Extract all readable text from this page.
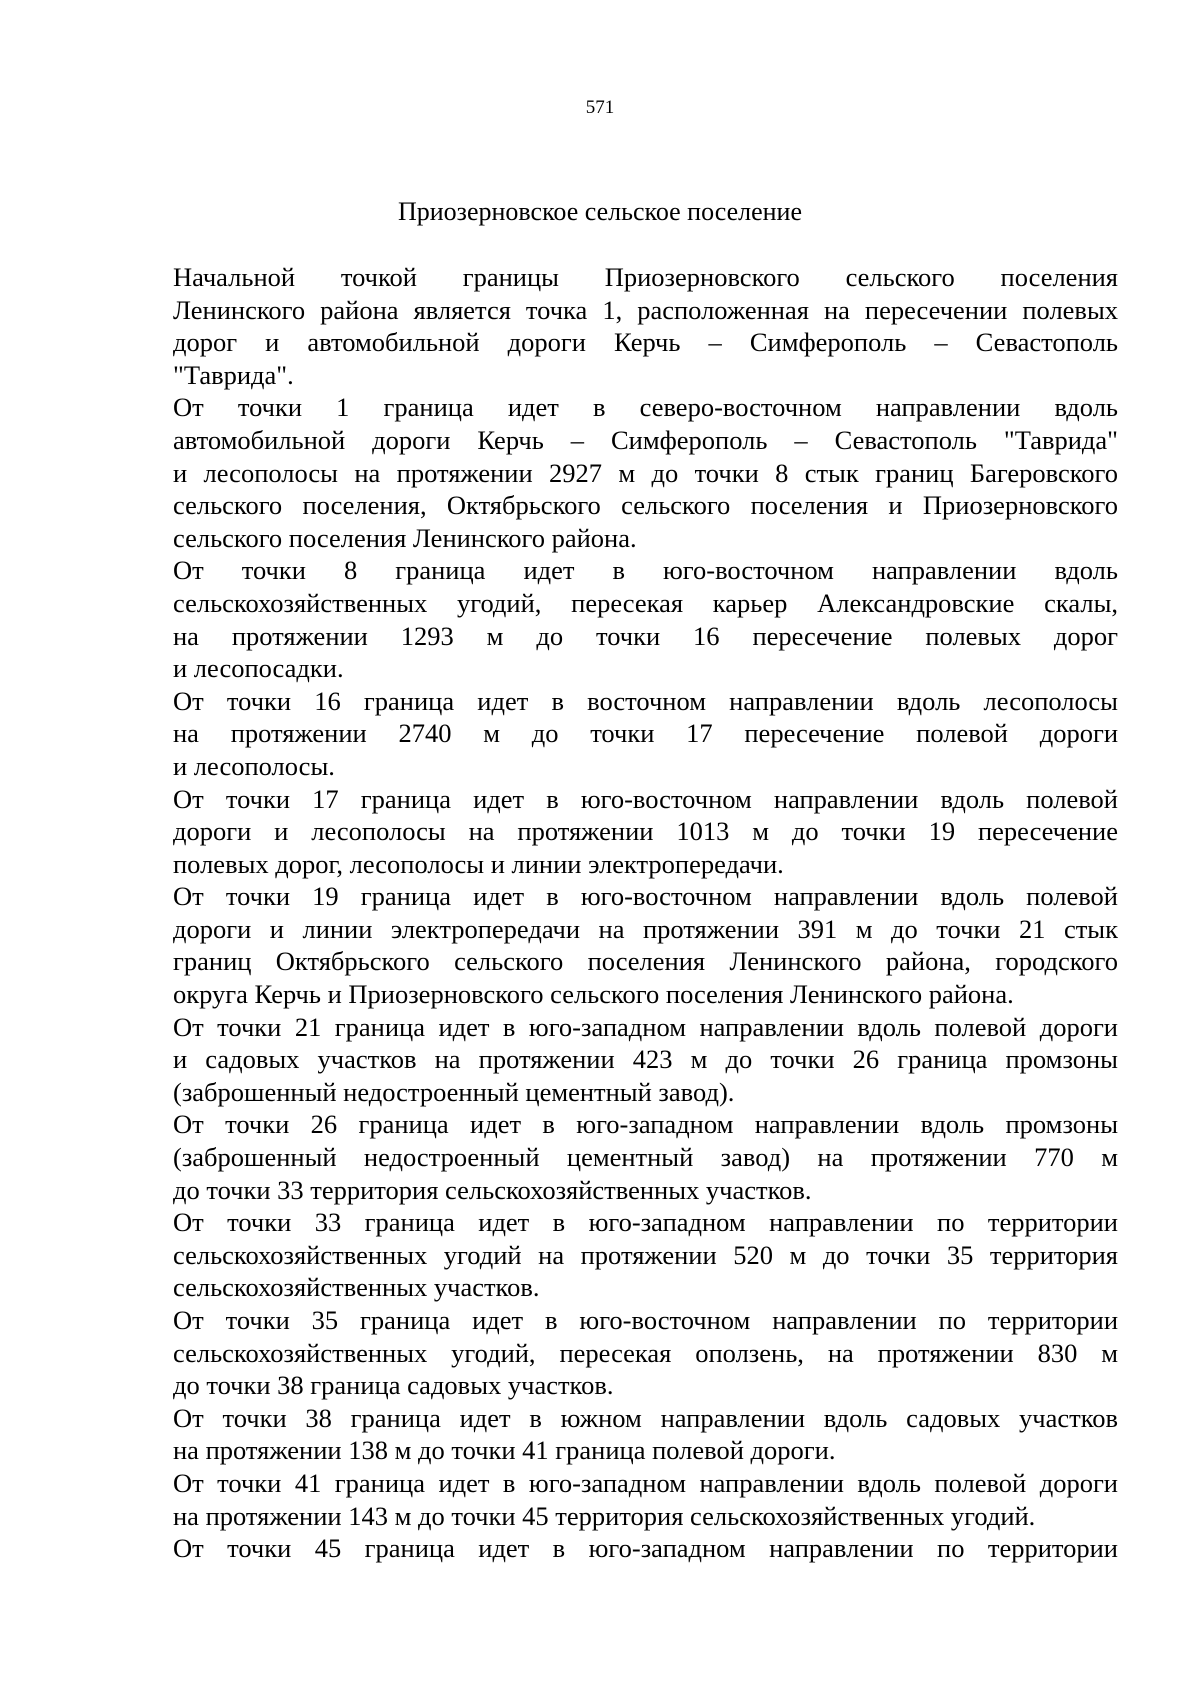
571
Приозерновское сельское поселение
Начальной точкой границы Приозерновского сельского поселения
Ленинского района является точка 1, расположенная на пересечении полевых
дорог и автомобильной дороги Керчь – Симферополь – Севастополь
"Таврида".
От точки 1 граница идет в северо-восточном направлении вдоль
автомобильной дороги Керчь – Симферополь – Севастополь "Таврида"
и лесополосы на протяжении 2927 м до точки 8 стык границ Багеровского
сельского поселения, Октябрьского сельского поселения и Приозерновского
сельского поселения Ленинского района.
От точки 8 граница идет в юго-восточном направлении вдоль
сельскохозяйственных угодий, пересекая карьер Александровские скалы,
на протяжении 1293 м до точки 16 пересечение полевых дорог
и лесопосадки.
От точки 16 граница идет в восточном направлении вдоль лесополосы
на протяжении 2740 м до точки 17 пересечение полевой дороги
и лесополосы.
От точки 17 граница идет в юго-восточном направлении вдоль полевой
дороги и лесополосы на протяжении 1013 м до точки 19 пересечение
полевых дорог, лесополосы и линии электропередачи.
От точки 19 граница идет в юго-восточном направлении вдоль полевой
дороги и линии электропередачи на протяжении 391 м до точки 21 стык
границ Октябрьского сельского поселения Ленинского района, городского
округа Керчь и Приозерновского сельского поселения Ленинского района.
От точки 21 граница идет в юго-западном направлении вдоль полевой дороги
и садовых участков на протяжении 423 м до точки 26 граница промзоны
(заброшенный недостроенный цементный завод).
От точки 26 граница идет в юго-западном направлении вдоль промзоны
(заброшенный недостроенный цементный завод) на протяжении 770 м
до точки 33 территория сельскохозяйственных участков.
От точки 33 граница идет в юго-западном направлении по территории
сельскохозяйственных угодий на протяжении 520 м до точки 35 территория
сельскохозяйственных участков.
От точки 35 граница идет в юго-восточном направлении по территории
сельскохозяйственных угодий, пересекая оползень, на протяжении 830 м
до точки 38 граница садовых участков.
От точки 38 граница идет в южном направлении вдоль садовых участков
на протяжении 138 м до точки 41 граница полевой дороги.
От точки 41 граница идет в юго-западном направлении вдоль полевой дороги
на протяжении 143 м до точки 45 территория сельскохозяйственных угодий.
От точки 45 граница идет в юго-западном направлении по территории
